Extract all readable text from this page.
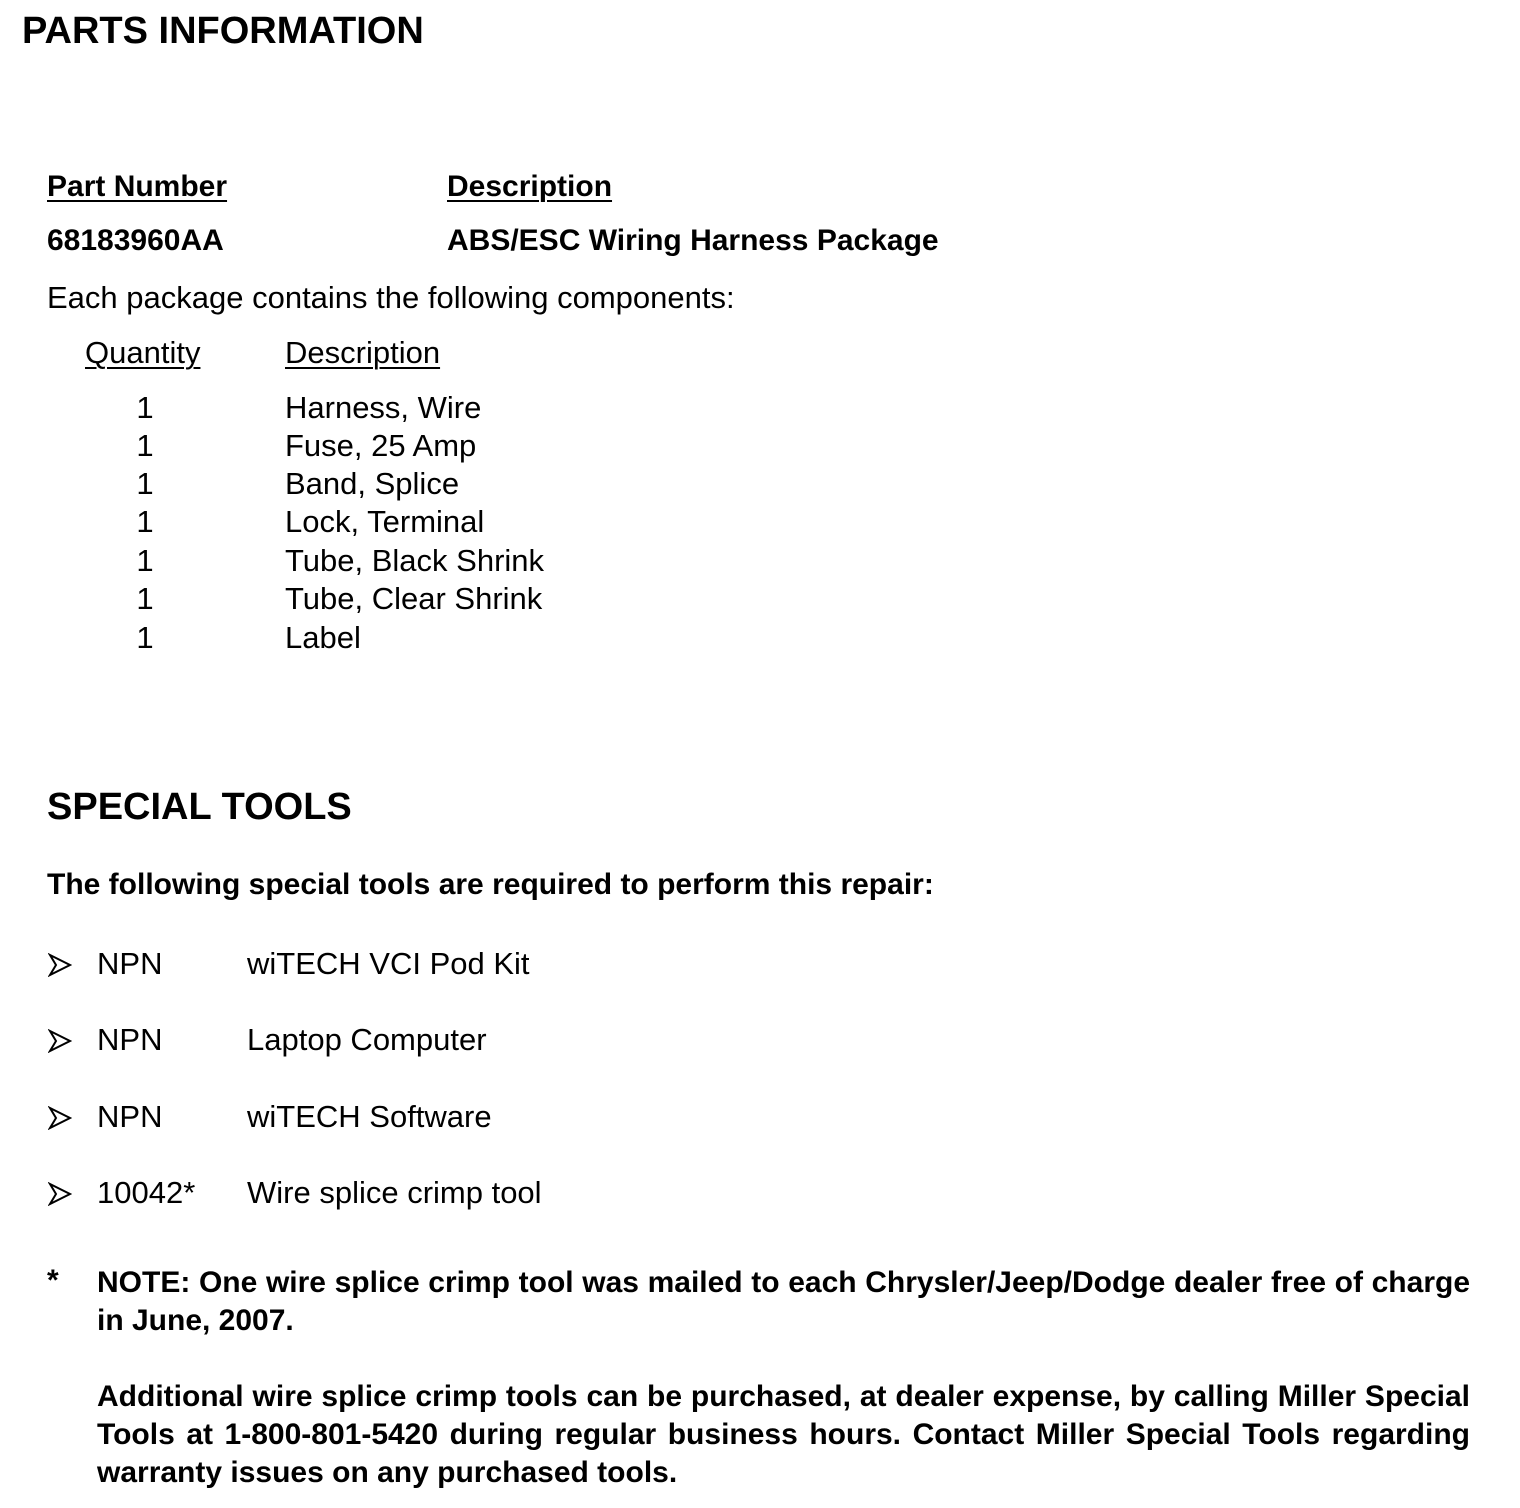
PARTS INFORMATION
Part Number	Description
68183960AA	ABS/ESC Wiring Harness Package
Each package contains the following components:
Quantity	Description
1	Harness, Wire
1	Fuse, 25 Amp
1	Band, Splice
1	Lock, Terminal
1	Tube, Black Shrink
1	Tube, Clear Shrink
1	Label
SPECIAL TOOLS
The following special tools are required to perform this repair:
NPN	wiTECH VCI Pod Kit
NPN	Laptop Computer
NPN	wiTECH Software
10042* Wire splice crimp tool
* NOTE: One wire splice crimp tool was mailed to each Chrysler/Jeep/Dodge dealer free of charge in June, 2007.
Additional wire splice crimp tools can be purchased, at dealer expense, by calling Miller Special Tools at 1-800-801-5420 during regular business hours. Contact Miller Special Tools regarding warranty issues on any purchased tools.
